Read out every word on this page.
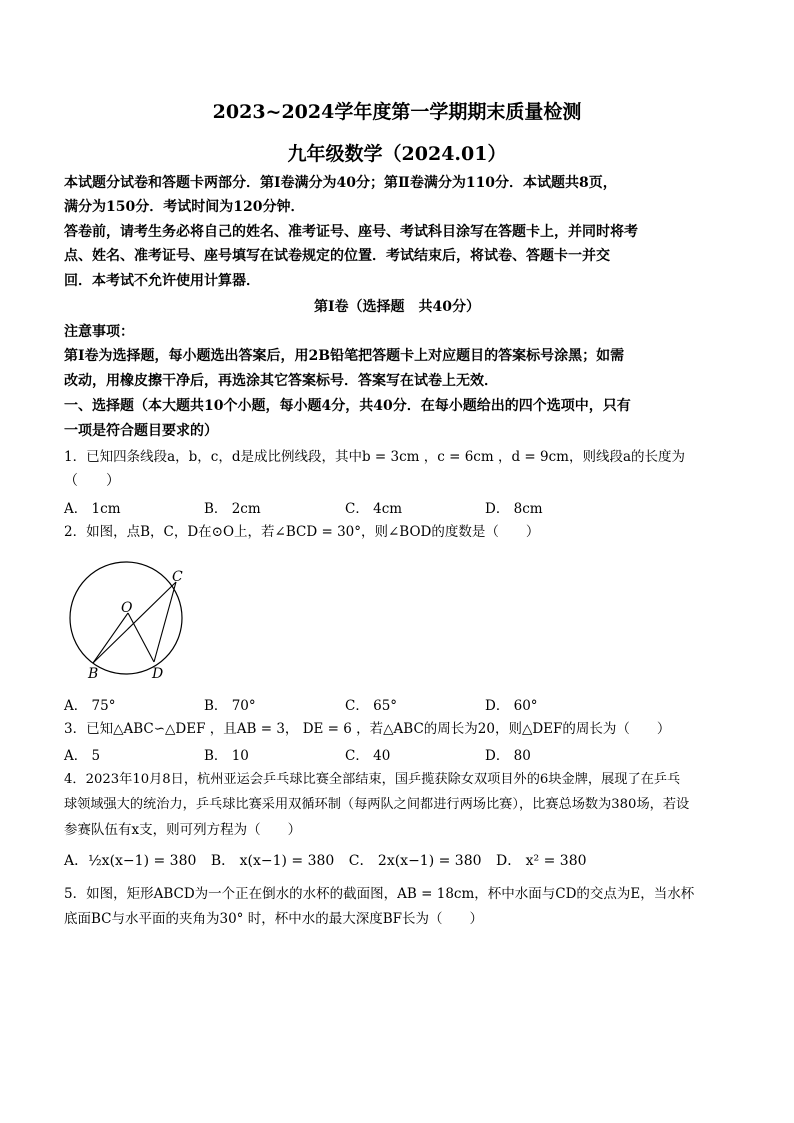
2023~2024学年度第一学期期末质量检测
九年级数学（2024.01）
本试题分试卷和答题卡两部分．第Ⅰ卷满分为40分；第Ⅱ卷满分为110分．本试题共8页，
满分为150分．考试时间为120分钟．
答卷前，请考生务必将自己的姓名、准考证号、座号、考试科目涂写在答题卡上，并同时将考
点、姓名、准考证号、座号填写在试卷规定的位置．考试结束后，将试卷、答题卡一并交
回．本考试不允许使用计算器．
第Ⅰ卷（选择题　共40分）
注意事项：
第Ⅰ卷为选择题，每小题选出答案后，用2B铅笔把答题卡上对应题目的答案标号涂黑；如需
改动，用橡皮擦干净后，再选涂其它答案标号．答案写在试卷上无效．
一、选择题（本大题共10个小题，每小题4分，共40分．在每小题给出的四个选项中，只有
一项是符合题目要求的）
1．已知四条线段a，b，c，d是成比例线段，其中b = 3cm ，c = 6cm ，d = 9cm，则线段a的长度为
（　　）
A． 1cm	B． 2cm	C． 4cm	D． 8cm
2．如图，点B，C，D在⊙O上，若∠BCD = 30°，则∠BOD的度数是（　　）
O
B	D
C
A． 75°	B． 70°	C． 65°	D． 60°
3．已知△ABC∽△DEF ，且AB = 3， DE = 6 ，若△ABC的周长为20，则△DEF的周长为（　　）
A． 5	B． 10	C． 40	D． 80
4．2023年10月8日，杭州亚运会乒乓球比赛全部结束，国乒揽获除女双项目外的6块金牌，展现了在乒乓
球领域强大的统治力，乒乓球比赛采用双循环制（每两队之间都进行两场比赛），比赛总场数为380场，若设
参赛队伍有x支，则可列方程为（　　）
A．½x(x−1) = 380 B． x(x−1) = 380 C． 2x(x−1) = 380 D． x² = 380
5．如图，矩形ABCD为一个正在倒水的水杯的截面图，AB = 18cm，杯中水面与CD的交点为E，当水杯
底面BC与水平面的夹角为30° 时，杯中水的最大深度BF长为（　　）
